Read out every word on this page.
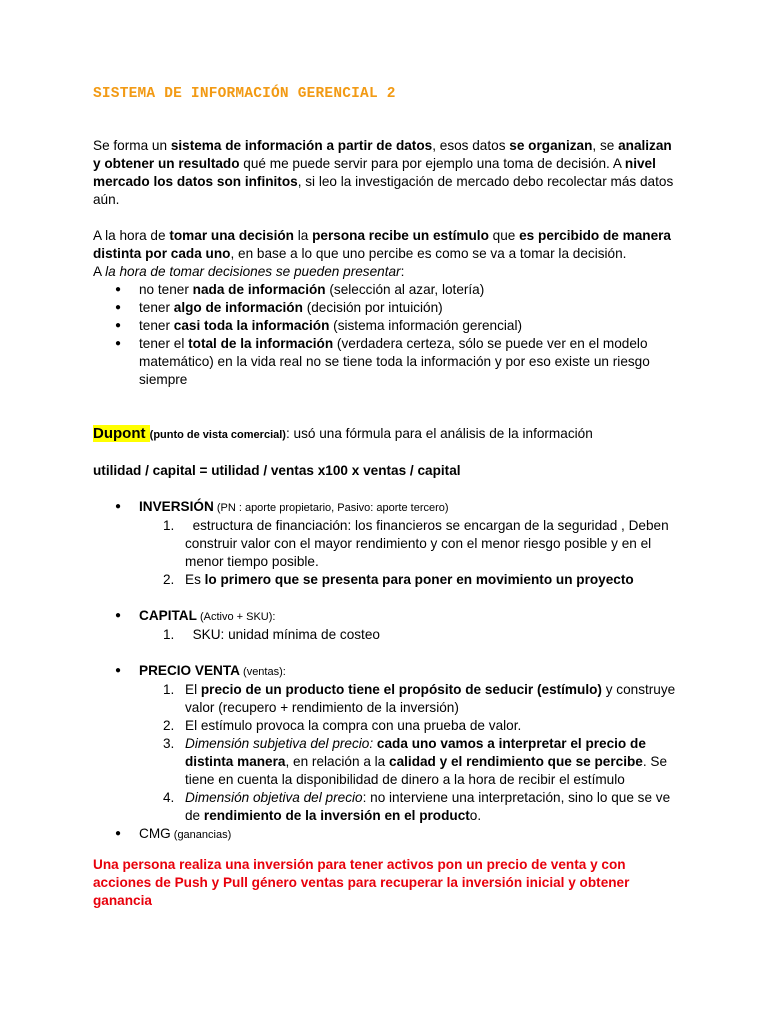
SISTEMA DE INFORMACIÓN GERENCIAL 2

Se forma un sistema de información a partir de datos, esos datos se organizan, se analizan y obtener un resultado qué me puede servir para por ejemplo una toma de decisión. A nivel mercado los datos son infinitos, si leo la investigación de mercado debo recolectar más datos aún.

A la hora de tomar una decisión la persona recibe un estímulo que es percibido de manera distinta por cada uno, en base a lo que uno percibe es como se va a tomar la decisión.

A la hora de tomar decisiones se pueden presentar:

● no tener nada de información (selección al azar, lotería)
● tener algo de información (decisión por intuición)
● tener casi toda la información (sistema información gerencial)
● tener el total de la información (verdadera certeza, sólo se puede ver en el modelo matemático) en la vida real no se tiene toda la información y por eso existe un riesgo siempre

Dupont (punto de vista comercial): usó una fórmula para el análisis de la información

utilidad / capital = utilidad / ventas x100 x ventas / capital

● INVERSIÓN (PN : aporte propietario, Pasivo: aporte tercero)
1. estructura de financiación: los financieros se encargan de la seguridad , Deben construir valor con el mayor rendimiento y con el menor riesgo posible y en el menor tiempo posible.
2. Es lo primero que se presenta para poner en movimiento un proyecto
● CAPITAL (Activo + SKU):
1. SKU: unidad mínima de costeo
● PRECIO VENTA (ventas):
1. El precio de un producto tiene el propósito de seducir (estímulo) y construye valor (recupero + rendimiento de la inversión)
2. El estímulo provoca la compra con una prueba de valor.
3. Dimensión subjetiva del precio: cada uno vamos a interpretar el precio de distinta manera, en relación a la calidad y el rendimiento que se percibe. Se tiene en cuenta la disponibilidad de dinero a la hora de recibir el estímulo
4. Dimensión objetiva del precio: no interviene una interpretación, sino lo que se ve de rendimiento de la inversión en el producto.
● CMG (ganancias)

Una persona realiza una inversión para tener activos pon un precio de venta y con acciones de Push y Pull género ventas para recuperar la inversión inicial y obtener ganancia
